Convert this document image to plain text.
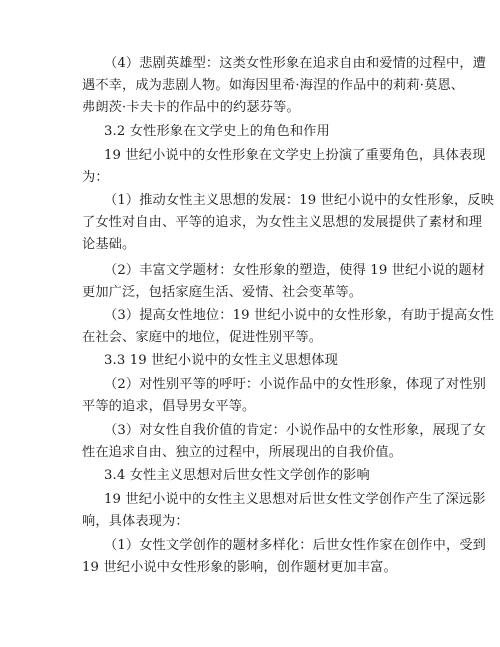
（4）悲剧英雄型：这类女性形象在追求自由和爱情的过程中，遭
遇不幸，成为悲剧人物。如海因里希·海涅的作品中的莉莉·莫恩、
弗朗茨·卡夫卡的作品中的约瑟芬等。
3.2 女性形象在文学史上的角色和作用
19 世纪小说中的女性形象在文学史上扮演了重要角色，具体表现
为：
（1）推动女性主义思想的发展：19 世纪小说中的女性形象，反映
了女性对自由、平等的追求，为女性主义思想的发展提供了素材和理
论基础。
（2）丰富文学题材：女性形象的塑造，使得 19 世纪小说的题材
更加广泛，包括家庭生活、爱情、社会变革等。
（3）提高女性地位：19 世纪小说中的女性形象，有助于提高女性
在社会、家庭中的地位，促进性别平等。
3.3 19 世纪小说中的女性主义思想体现
（2）对性别平等的呼吁：小说作品中的女性形象，体现了对性别
平等的追求，倡导男女平等。
（3）对女性自我价值的肯定：小说作品中的女性形象，展现了女
性在追求自由、独立的过程中，所展现出的自我价值。
3.4 女性主义思想对后世女性文学创作的影响
19 世纪小说中的女性主义思想对后世女性文学创作产生了深远影
响，具体表现为：
（1）女性文学创作的题材多样化：后世女性作家在创作中，受到
19 世纪小说中女性形象的影响，创作题材更加丰富。
